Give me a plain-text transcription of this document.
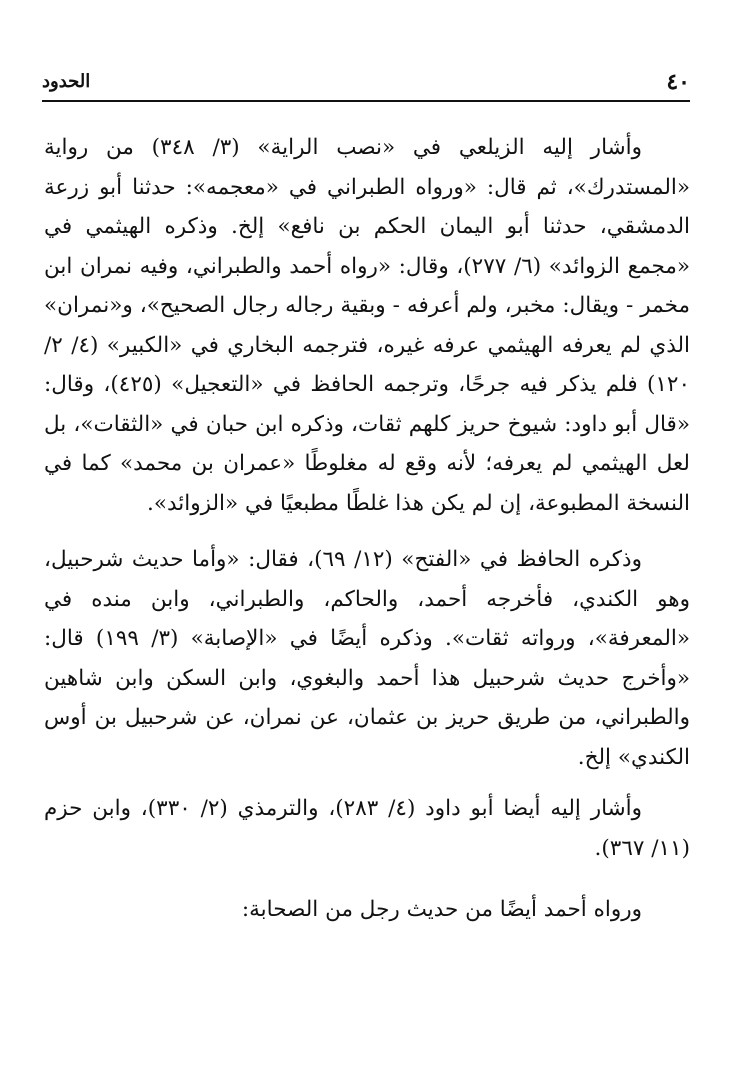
٤٠
الحدود

وأشار إليه الزيلعي في «نصب الراية» (٣/ ٣٤٨) من رواية «المستدرك»، ثم قال: «ورواه الطبراني في «معجمه»: حدثنا أبو زرعة الدمشقي، حدثنا أبو اليمان الحكم بن نافع» إلخ. وذكره الهيثمي في «مجمع الزوائد» (٦/ ٢٧٧)، وقال: «رواه أحمد والطبراني، وفيه نمران ابن مخمر - ويقال: مخبر، ولم أعرفه - وبقية رجاله رجال الصحيح»، و«نمران» الذي لم يعرفه الهيثمي عرفه غيره، فترجمه البخاري في «الكبير» (٤/ ٢/ ١٢٠) فلم يذكر فيه جرحًا، وترجمه الحافظ في «التعجيل» (٤٢٥)، وقال: «قال أبو داود: شيوخ حريز كلهم ثقات، وذكره ابن حبان في «الثقات»، بل لعل الهيثمي لم يعرفه؛ لأنه وقع له مغلوطًا «عمران بن محمد» كما في النسخة المطبوعة، إن لم يكن هذا غلطًا مطبعيًا في «الزوائد».

وذكره الحافظ في «الفتح» (١٢/ ٦٩)، فقال: «وأما حديث شرحبيل، وهو الكندي، فأخرجه أحمد، والحاكم، والطبراني، وابن منده في «المعرفة»، ورواته ثقات». وذكره أيضًا في «الإصابة» (٣/ ١٩٩) قال: «وأخرج حديث شرحبيل هذا أحمد والبغوي، وابن السكن وابن شاهين والطبراني، من طريق حريز بن عثمان، عن نمران، عن شرحبيل بن أوس الكندي» إلخ.

وأشار إليه أيضا أبو داود (٤/ ٢٨٣)، والترمذي (٢/ ٣٣٠)، وابن حزم (١١/ ٣٦٧).

ورواه أحمد أيضًا من حديث رجل من الصحابة:
